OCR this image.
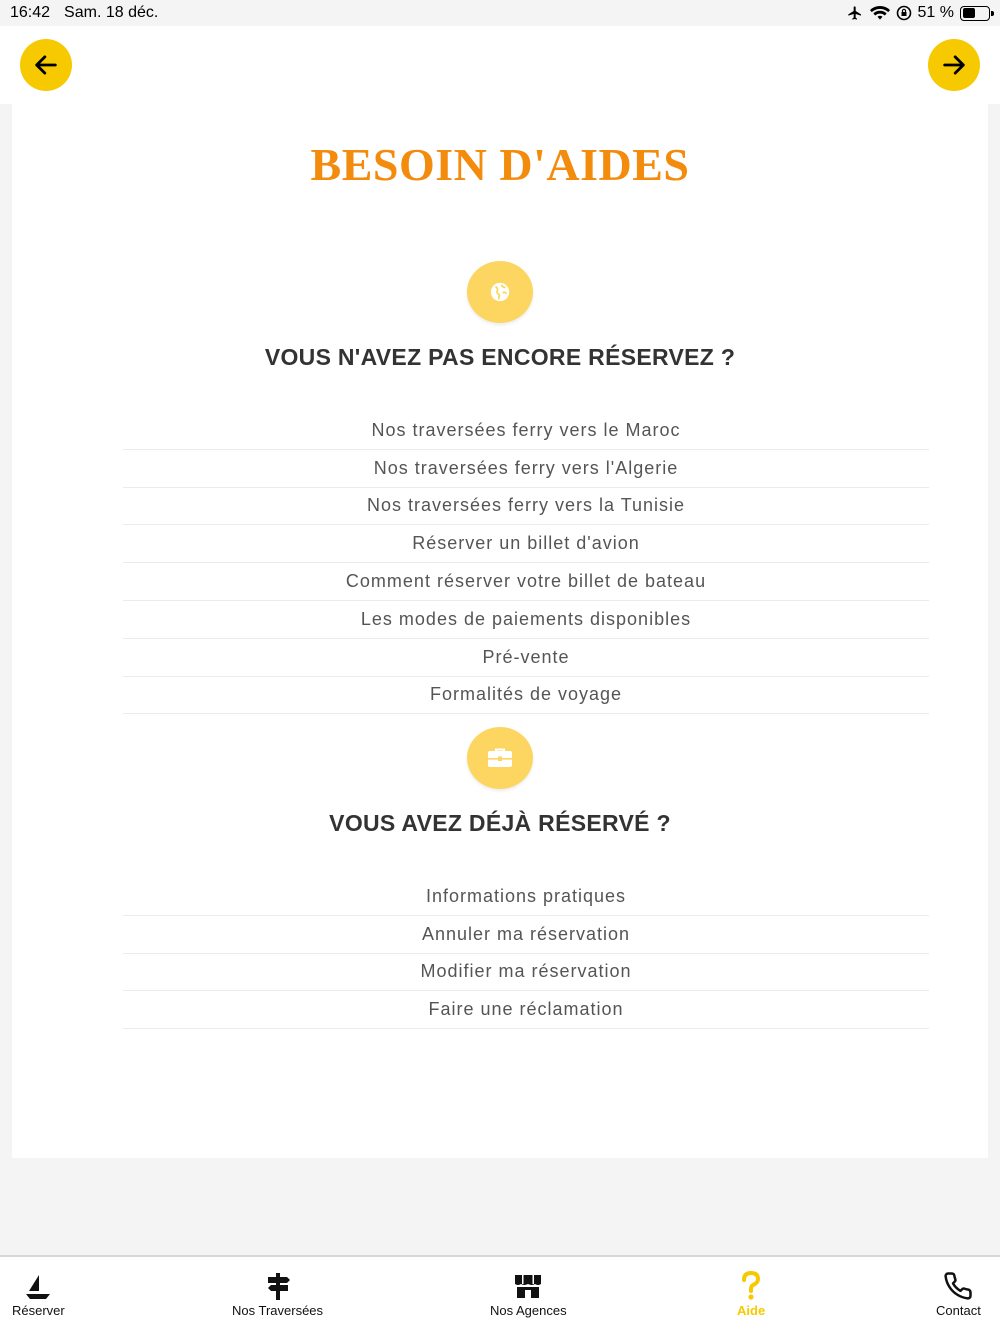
16:42 Sam. 18 déc.	51 %
BESOIN D'AIDES
VOUS N'AVEZ PAS ENCORE RÉSERVEZ ?
Nos traversées ferry vers le Maroc
Nos traversées ferry vers l'Algerie
Nos traversées ferry vers la Tunisie
Réserver un billet d'avion
Comment réserver votre billet de bateau
Les modes de paiements disponibles
Pré-vente
Formalités de voyage
VOUS AVEZ DÉJÀ RÉSERVÉ ?
Informations pratiques
Annuler ma réservation
Modifier ma réservation
Faire une réclamation
Réserver	Nos Traversées	Nos Agences	Aide	Contact
